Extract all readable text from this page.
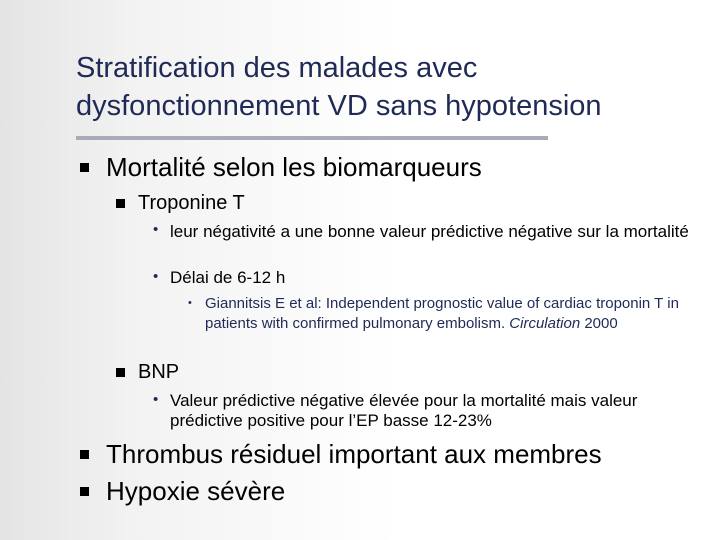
Stratification des malades avec dysfonctionnement VD sans hypotension
Mortalité selon les biomarqueurs
Troponine T
• leur négativité a une bonne valeur prédictive négative sur la mortalité
• Délai de 6-12 h
• Giannitsis E et al: Independent prognostic value of cardiac troponin T in patients with confirmed pulmonary embolism. Circulation 2000
BNP
• Valeur prédictive négative élevée pour la mortalité mais valeur prédictive positive pour l’EP basse 12-23%
Thrombus résiduel important aux membres
Hypoxie sévère
